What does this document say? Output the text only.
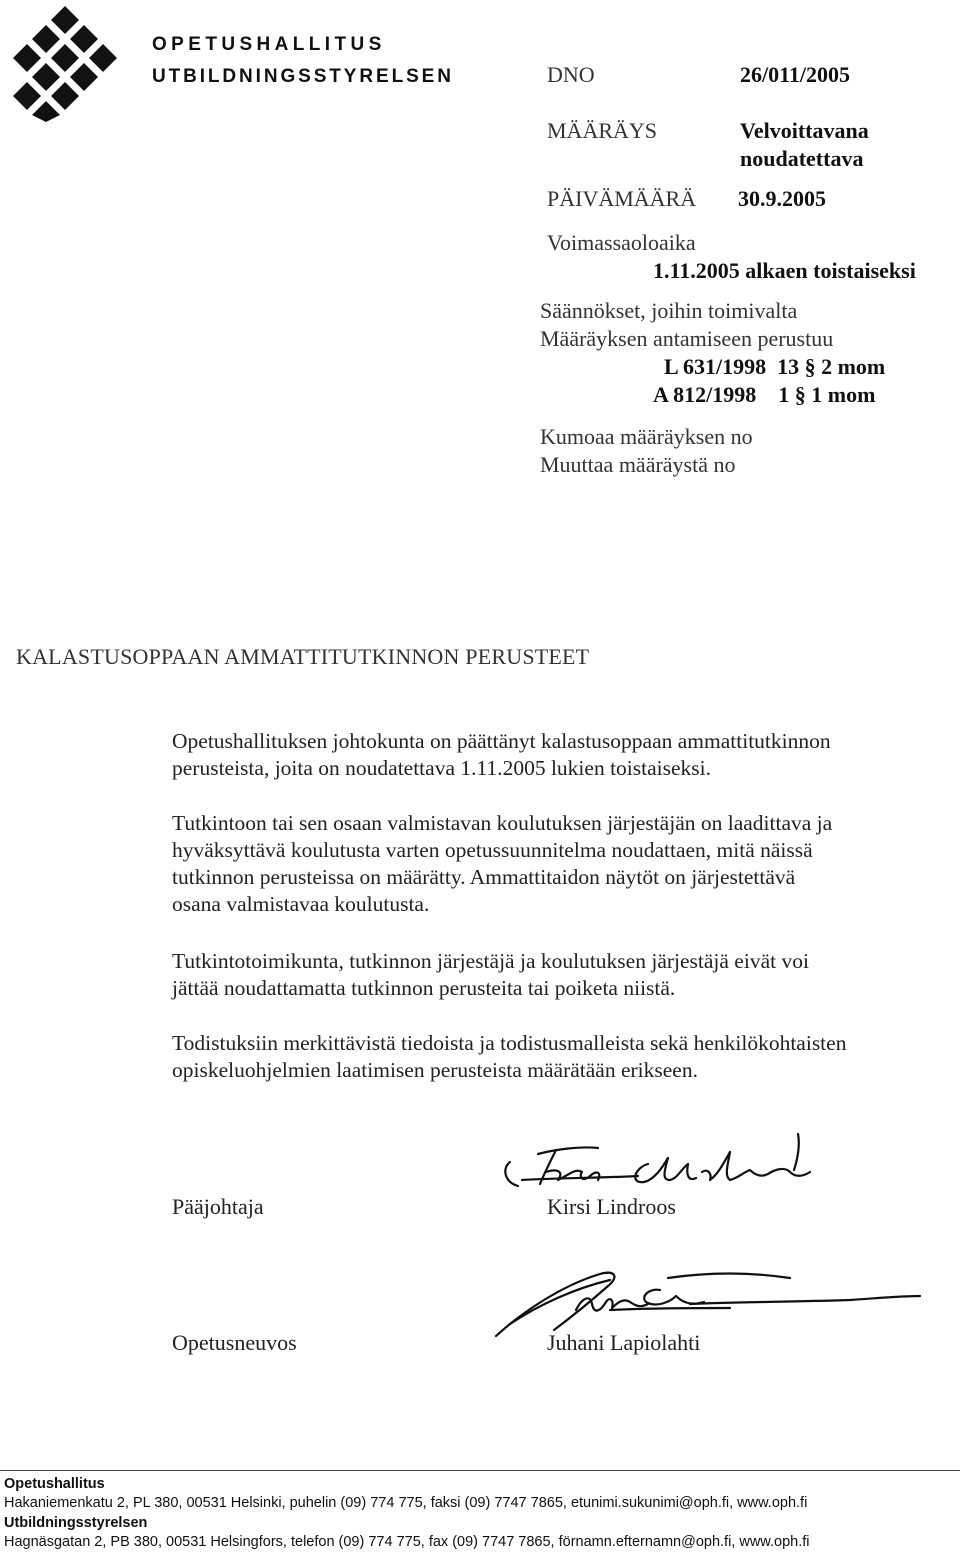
OPETUSHALLITUS
UTBILDNINGSSTYRELSEN	DNO	26/011/2005
MÄÄRÄYS	Velvoittavana
noudatettava
PÄIVÄMÄÄRÄ 30.9.2005
Voimassaoloaika
1.11.2005 alkaen toistaiseksi
Säännökset, joihin toimivalta
Määräyksen antamiseen perustuu
L 631/1998  13 § 2 mom
A 812/1998    1 § 1 mom
Kumoaa määräyksen no
Muuttaa määräystä no
KALASTUSOPPAAN AMMATTITUTKINNON PERUSTEET

Opetushallituksen johtokunta on päättänyt kalastusoppaan ammattitutkinnon

perusteista, joita on noudatettava 1.11.2005 lukien toistaiseksi.

Tutkintoon tai sen osaan valmistavan koulutuksen järjestäjän on laadittava ja

hyväksyttävä koulutusta varten opetussuunnitelma noudattaen, mitä näissä

tutkinnon perusteissa on määrätty. Ammattitaidon näytöt on järjestettävä

osana valmistavaa koulutusta.

Tutkintotoimikunta, tutkinnon järjestäjä ja koulutuksen järjestäjä eivät voi

jättää noudattamatta tutkinnon perusteita tai poiketa niistä.

Todistuksiin merkittävistä tiedoista ja todistusmalleista sekä henkilökohtaisten

opiskeluohjelmien laatimisen perusteista määrätään erikseen.

Pääjohtaja	Kirsi Lindroos
Opetusneuvos	Juhani Lapiolahti
Opetushallitus
Hakaniemenkatu 2, PL 380, 00531 Helsinki, puhelin (09) 774 775, faksi (09) 7747 7865, etunimi.sukunimi@oph.fi, www.oph.fi
Utbildningsstyrelsen
Hagnäsgatan 2, PB 380, 00531 Helsingfors, telefon (09) 774 775, fax (09) 7747 7865, förnamn.efternamn@oph.fi, www.oph.fi
